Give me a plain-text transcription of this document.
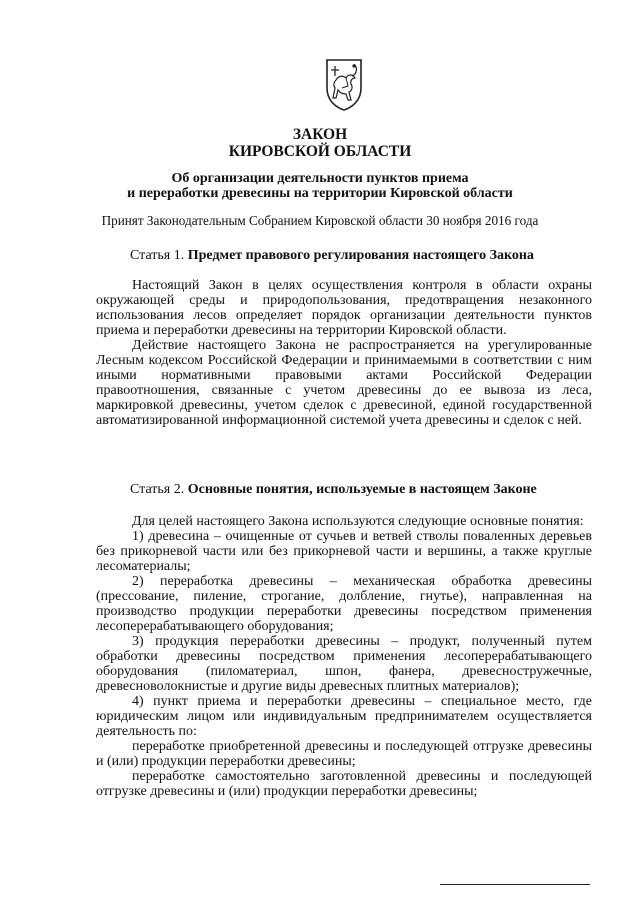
ЗАКОН
КИРОВСКОЙ ОБЛАСТИ
Об организации деятельности пунктов приема
и переработки древесины на территории Кировской области
Принят Законодательным Собранием Кировской области 30 ноября 2016 года
Статья 1. Предмет правового регулирования настоящего Закона

Настоящий Закон в целях осуществления контроля в области охраны окружающей среды и природопользования, предотвращения незаконного использования лесов определяет порядок организации деятельности пунктов приема и переработки древесины на территории Кировской области.

Действие настоящего Закона не распространяется на урегулированные Лесным кодексом Российской Федерации и принимаемыми в соответствии с ним иными нормативными правовыми актами Российской Федерации правоотношения, связанные с учетом древесины до ее вывоза из леса, маркировкой древесины, учетом сделок с древесиной, единой государственной автоматизированной информационной системой учета древесины и сделок с ней.

Статья 2. Основные понятия, используемые в настоящем Законе

Для целей настоящего Закона используются следующие основные понятия:

1) древесина – очищенные от сучьев и ветвей стволы поваленных деревьев без прикорневой части или без прикорневой части и вершины, а также круглые лесоматериалы;

2) переработка древесины – механическая обработка древесины (прессование, пиление, строгание, долбление, гнутье), направленная на производство продукции переработки древесины посредством применения лесоперерабатывающего оборудования;

3) продукция переработки древесины – продукт, полученный путем обработки древесины посредством применения лесоперерабатывающего оборудования (пиломатериал, шпон, фанера, древесностружечные, древесноволокнистые и другие виды древесных плитных материалов);

4) пункт приема и переработки древесины – специальное место, где юридическим лицом или индивидуальным предпринимателем осуществляется деятельность по:

переработке приобретенной древесины и последующей отгрузке древесины и (или) продукции переработки древесины;

переработке самостоятельно заготовленной древесины и последующей отгрузке древесины и (или) продукции переработки древесины;
